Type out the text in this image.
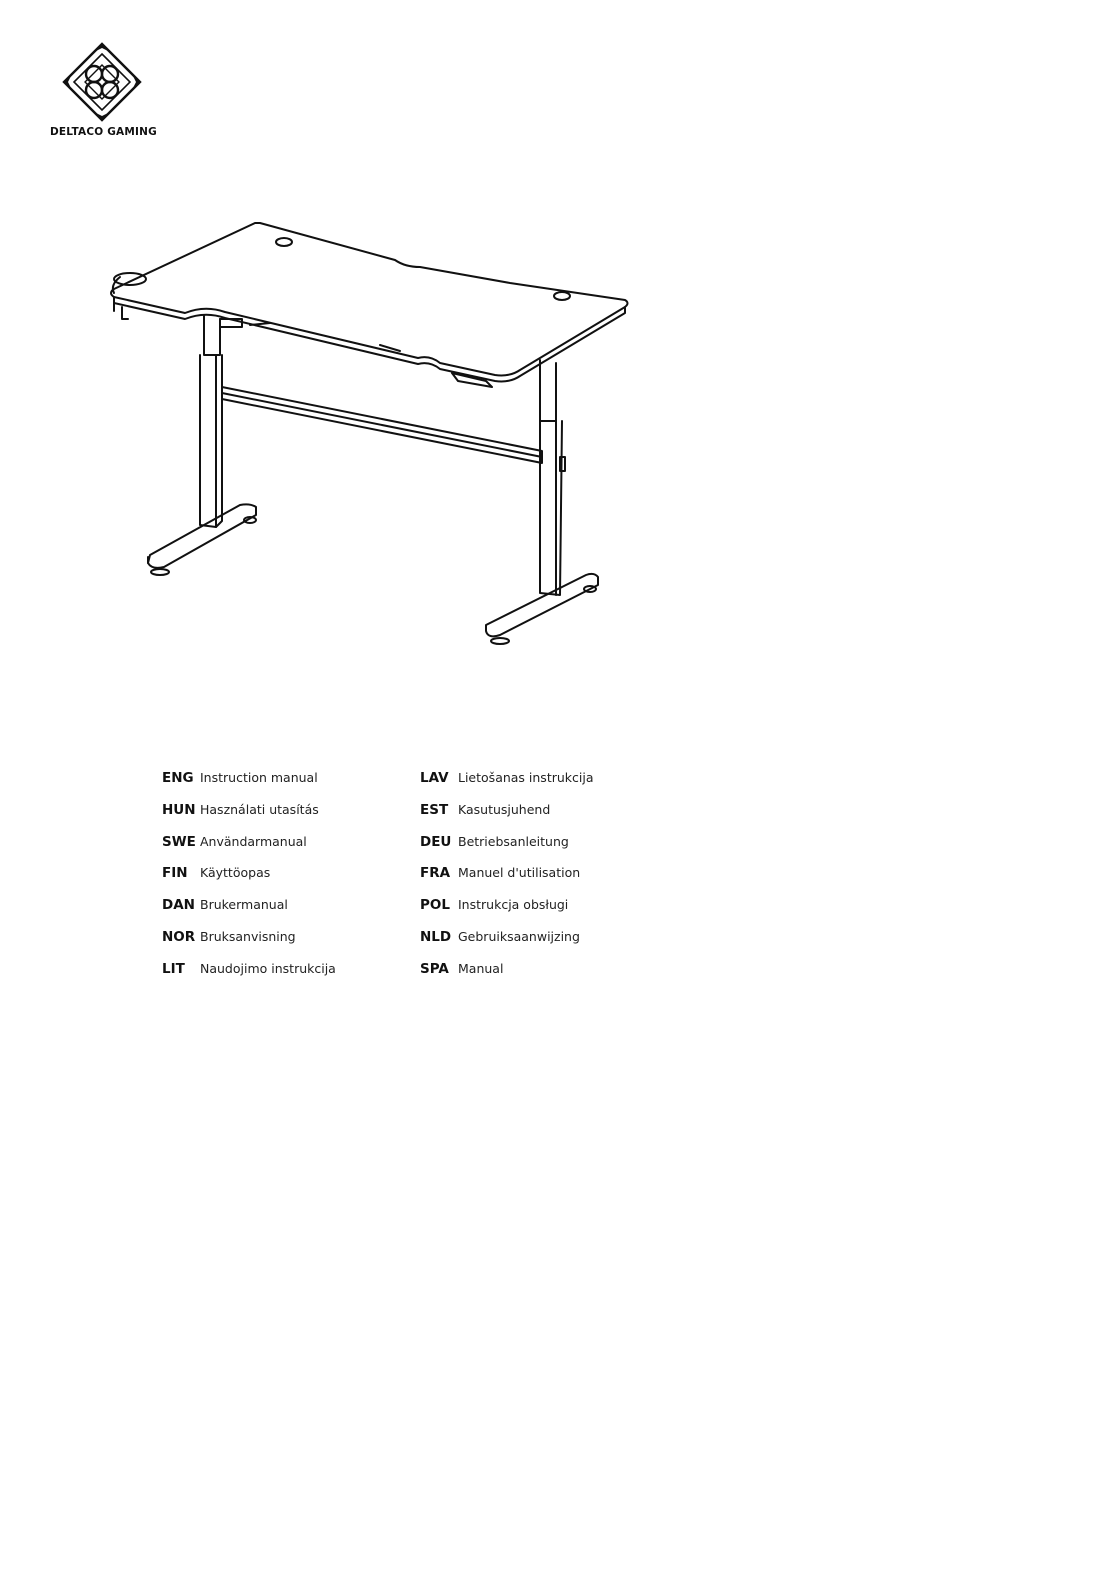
DELTACO GAMING
ENG Instruction manual
HUN Használati utasítás
SWE Användarmanual
FIN Käyttöopas
DAN Brukermanual
NOR Bruksanvisning
LIT	Naudojimo instrukcija
LAV Lietošanas instrukcija
EST Kasutusjuhend
DEU Betriebsanleitung
FRA Manuel d'utilisation
POL Instrukcja obsługi
NLD Gebruiksaanwijzing
SPA Manual
